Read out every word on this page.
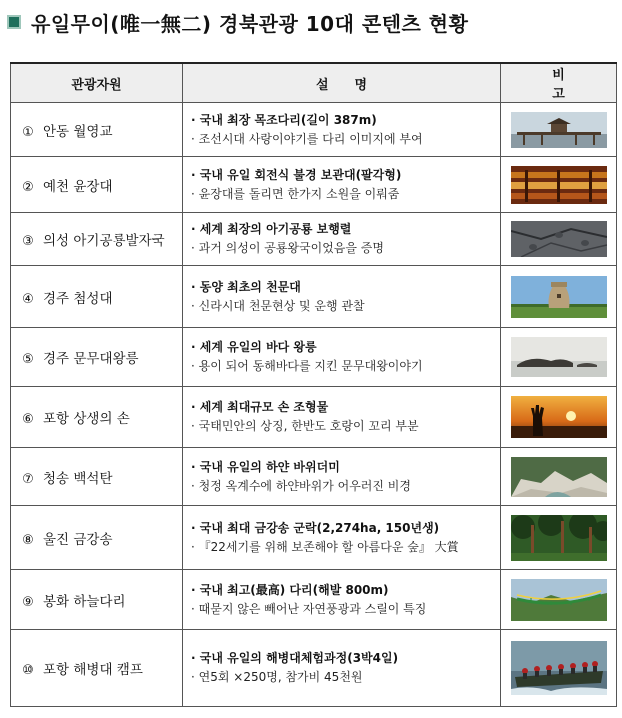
유일무이(唯一無二) 경북관광 10대 콘텐츠 현황
관광자원	설명	비고
① 안동 월영교	· 국내 최장 목조다리(길이 387m)
· 조선시대 사랑이야기를 다리 이미지에 부여

② 예천 윤장대	· 국내 유일 회전식 불경 보관대(팔각형)
· 윤장대를 돌리면 한가지 소원을 이뤄줌

③ 의성 아기공룡발자국	· 세계 최장의 아기공룡 보행렬
· 과거 의성이 공룡왕국이었음을 증명

④ 경주 첨성대	· 동양 최초의 천문대
· 신라시대 천문현상 및 운행 관찰

⑤ 경주 문무대왕릉	· 세계 유일의 바다 왕릉
· 용이 되어 동해바다를 지킨 문무대왕이야기

⑥ 포항 상생의 손	· 세계 최대규모 손 조형물
· 국태민안의 상징, 한반도 호랑이 꼬리 부분

⑦ 청송 백석탄	· 국내 유일의 하얀 바위더미
· 청정 옥계수에 하얀바위가 어우러진 비경

⑧ 울진 금강송	· 국내 최대 금강송 군락(2,274ha, 150년생)
· 『22세기를 위해 보존해야 할 아름다운 숲』 大賞

⑨ 봉화 하늘다리	· 국내 최고(最高) 다리(해발 800m)
· 때묻지 않은 빼어난 자연풍광과 스릴이 특징

⑩ 포항 해병대 캠프	· 국내 유일의 해병대체험과정(3박4일)
· 연5회 ×250명, 참가비 45천원
